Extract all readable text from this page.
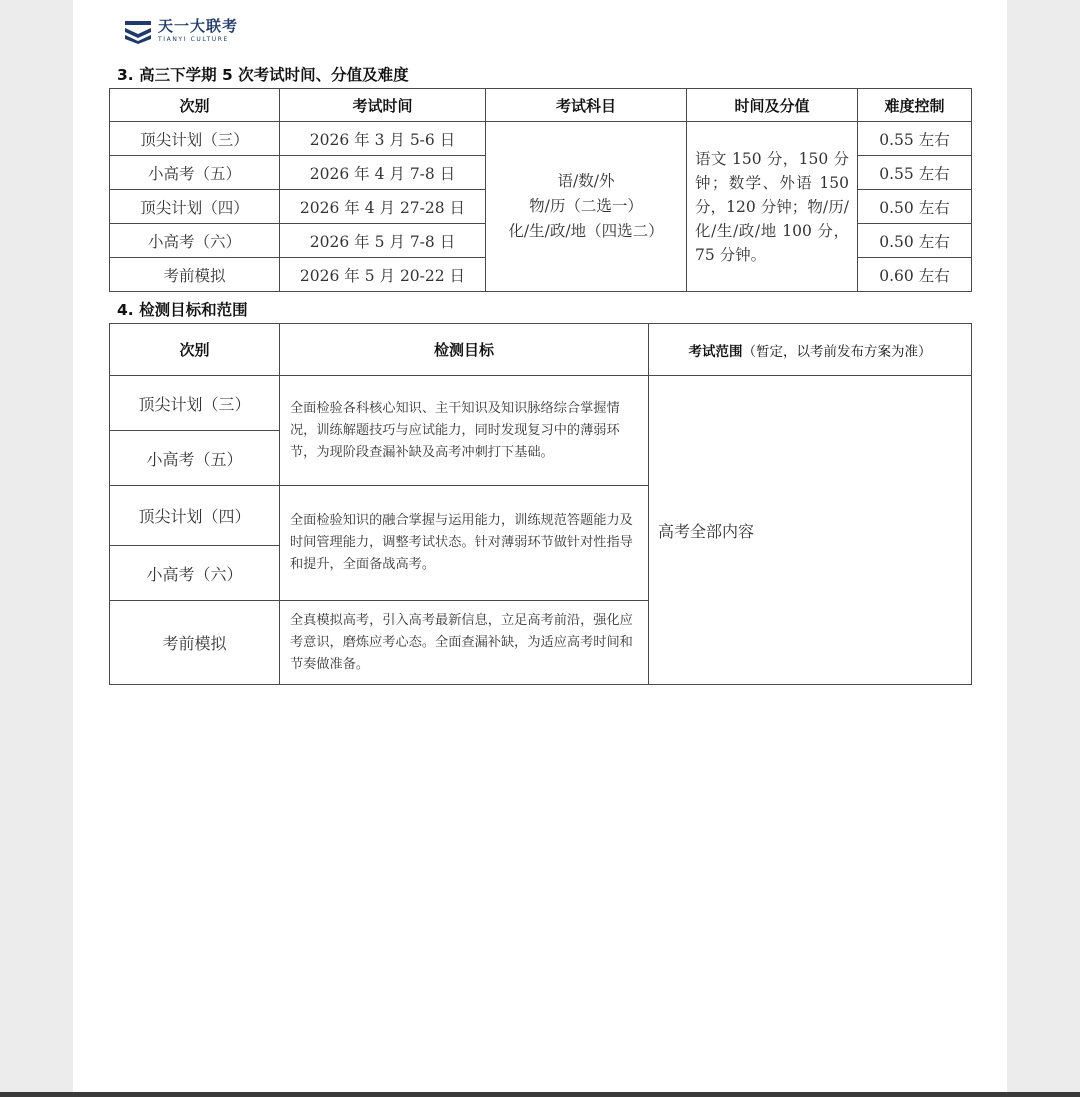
天一大联考
TIANYI CULTURE
3. 高三下学期 5 次考试时间、分值及难度
次别	考试时间	考试科目	时间及分值	难度控制
顶尖计划（三）	2026 年 3 月 5-6 日	语/数/外
物/历（二选一）
化/生/政/地（四选二）	语文 150 分，150 分钟；数学、外语 150 分，120 分钟；物/历/化/生/政/地 100 分，75 分钟。	0.55 左右
小高考（五）	2026 年 4 月 7-8 日			0.55 左右
顶尖计划（四）	2026 年 4 月 27-28 日			0.50 左右
小高考（六）	2026 年 5 月 7-8 日			0.50 左右
考前模拟	2026 年 5 月 20-22 日			0.60 左右
4. 检测目标和范围
次别	检测目标	考试范围（暂定，以考前发布方案为准）
顶尖计划（三）	全面检验各科核心知识、主干知识及知识脉络综合掌握情况，训练解题技巧与应试能力，同时发现复习中的薄弱环节，为现阶段查漏补缺及高考冲刺打下基础。	高考全部内容
小高考（五）		
顶尖计划（四）	全面检验知识的融合掌握与运用能力，训练规范答题能力及时间管理能力，调整考试状态。针对薄弱环节做针对性指导和提升，全面备战高考。	
小高考（六）		
考前模拟	全真模拟高考，引入高考最新信息，立足高考前沿，强化应考意识，磨炼应考心态。全面查漏补缺，为适应高考时间和节奏做准备。	
